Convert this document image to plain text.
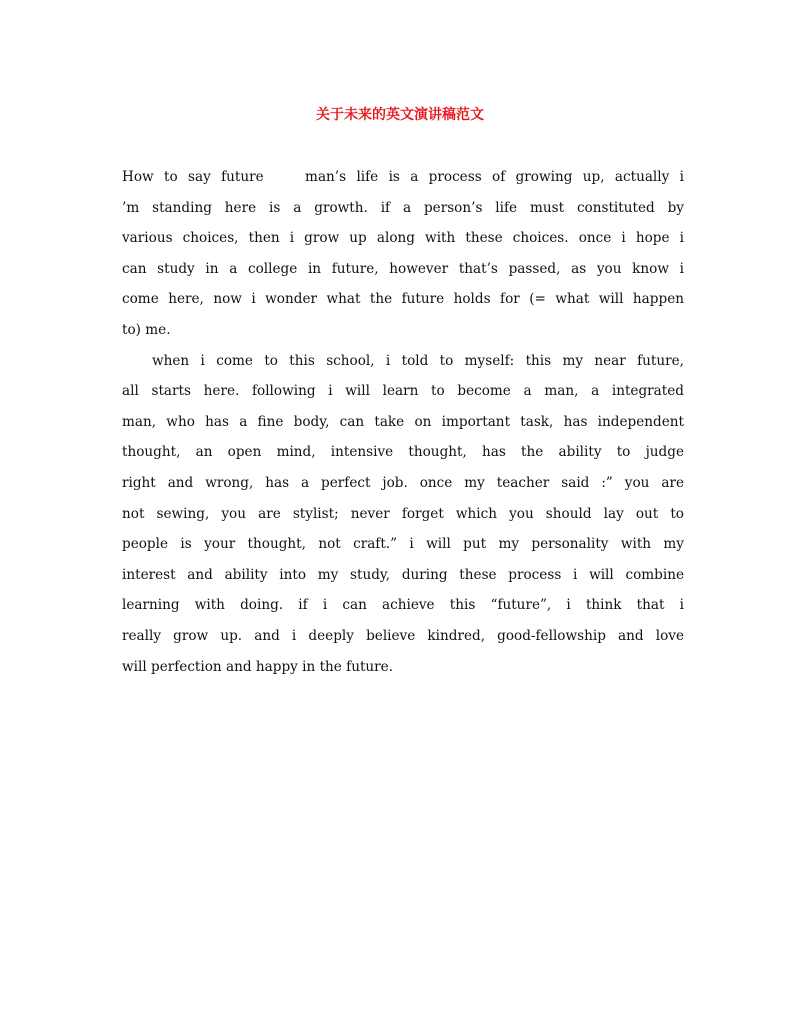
关于未来的英文演讲稿范文
How to say future    man’s life is a process of growing up, actually i
’m standing here is a growth. if a person’s life must constituted by
various choices, then i grow up along with these choices. once i hope i
can study in a college in future, however that’s passed, as you know i
come here, now i wonder what the future holds for (= what will happen
to) me.
when i come to this school, i told to myself: this my near future,
all starts here. following i will learn to become a man, a integrated
man, who has a fine body, can take on important task, has independent
thought, an open mind, intensive thought, has the ability to judge
right and wrong, has a perfect job. once my teacher said :” you are
not sewing, you are stylist; never forget which you should lay out to
people is your thought, not craft.” i will put my personality with my
interest and ability into my study, during these process i will combine
learning with doing. if i can achieve this “future”, i think that i
really grow up. and i deeply believe kindred, good-fellowship and love
will perfection and happy in the future.
